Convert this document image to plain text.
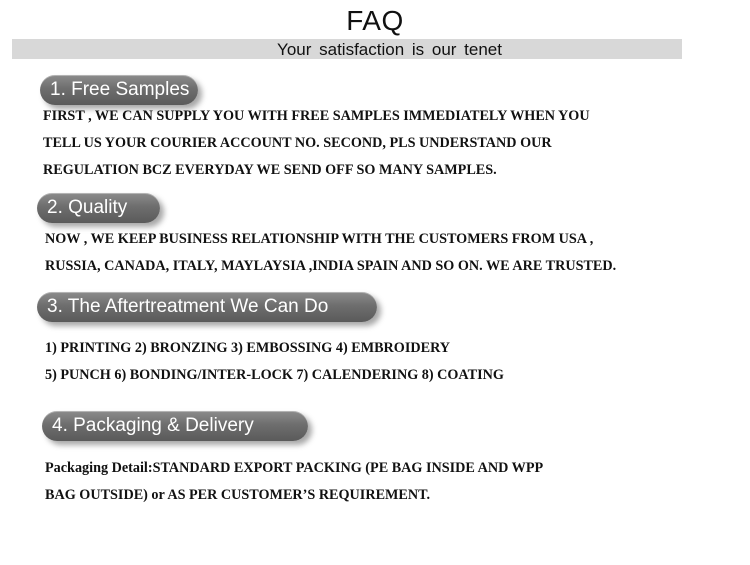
FAQ
Your satisfaction is our tenet
1. Free Samples
FIRST , WE CAN SUPPLY YOU WITH FREE SAMPLES IMMEDIATELY WHEN YOU
TELL US YOUR COURIER ACCOUNT NO. SECOND, PLS UNDERSTAND OUR
REGULATION BCZ EVERYDAY WE SEND OFF SO MANY SAMPLES.
2. Quality
NOW , WE KEEP BUSINESS RELATIONSHIP WITH THE CUSTOMERS FROM USA ,
RUSSIA, CANADA, ITALY, MAYLAYSIA ,INDIA SPAIN AND SO ON. WE ARE TRUSTED.
3. The Aftertreatment We Can Do
1) PRINTING 2) BRONZING 3) EMBOSSING 4) EMBROIDERY
5) PUNCH 6) BONDING/INTER-LOCK 7) CALENDERING 8) COATING
4. Packaging & Delivery
Packaging Detail:STANDARD EXPORT PACKING (PE BAG INSIDE AND WPP
BAG OUTSIDE) or AS PER CUSTOMER’S REQUIREMENT.
